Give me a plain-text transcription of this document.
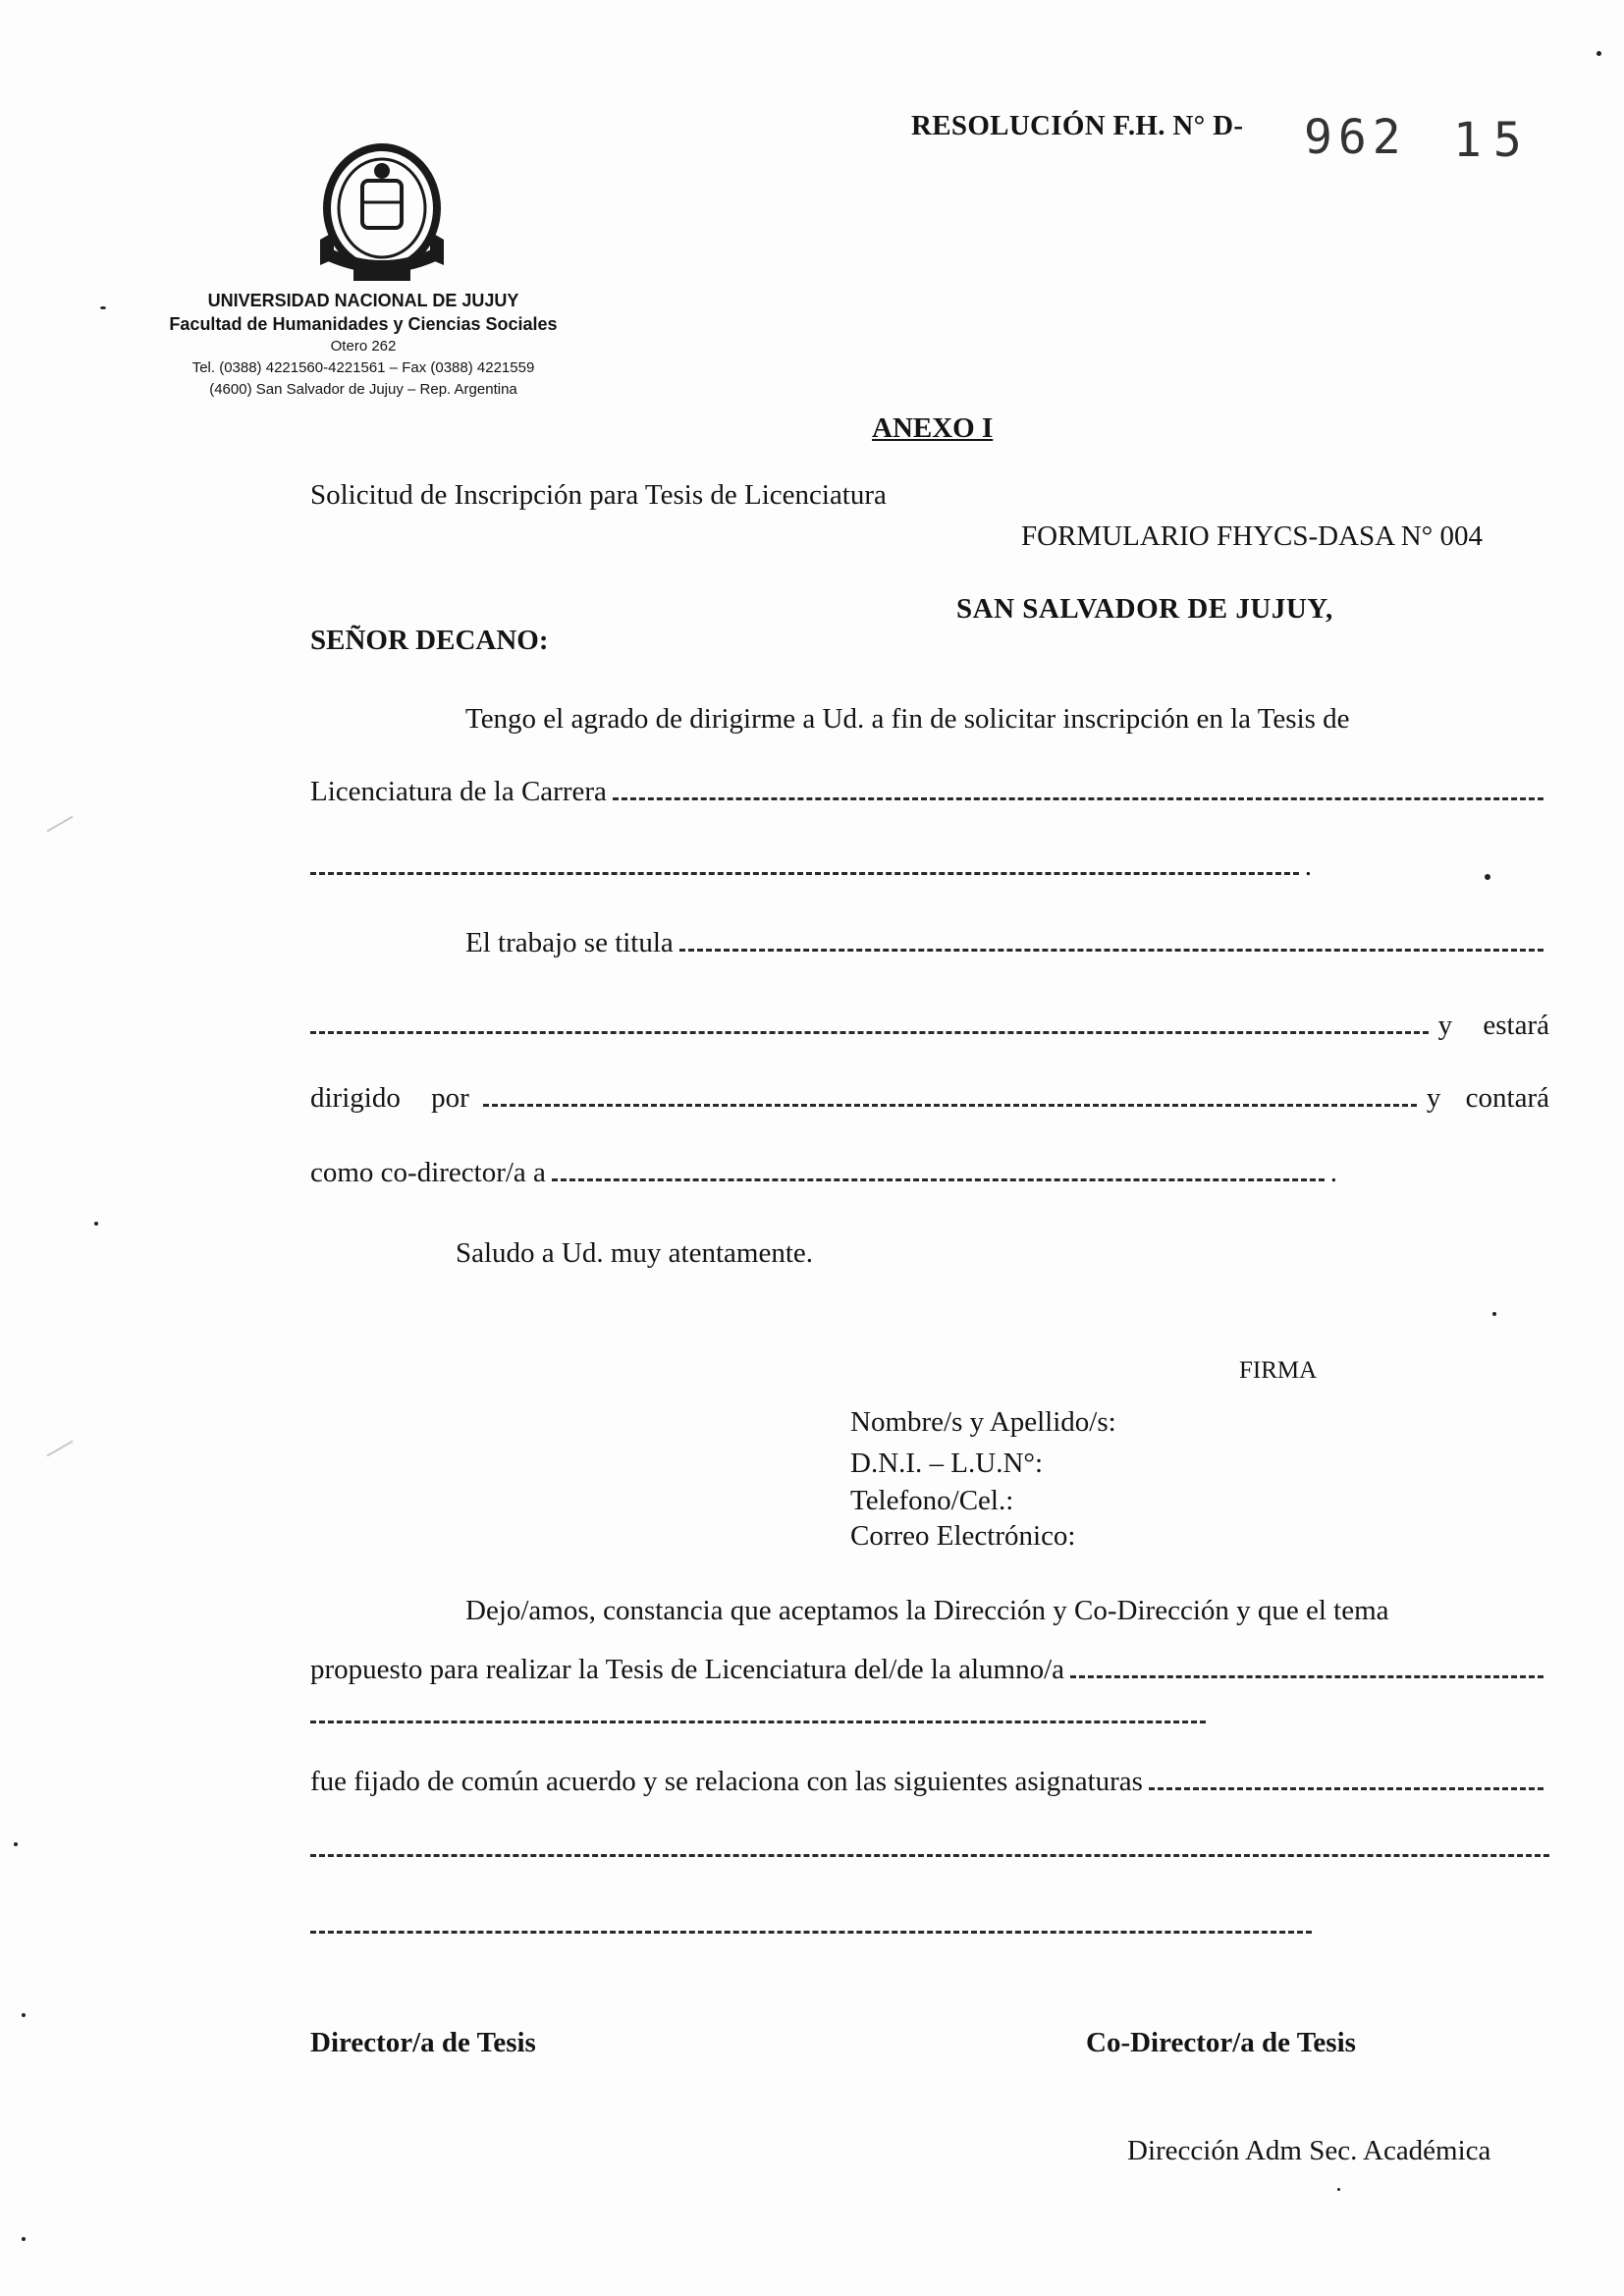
RESOLUCIÓN F.H. N° D- 962 15
UNIVERSIDAD NACIONAL DE JUJUY
Facultad de Humanidades y Ciencias Sociales
Otero 262
Tel. (0388) 4221560-4221561 – Fax (0388) 4221559
(4600) San Salvador de Jujuy – Rep. Argentina
ANEXO I
Solicitud de Inscripción para Tesis de Licenciatura
FORMULARIO FHYCS-DASA N° 004
SAN SALVADOR DE JUJUY,
SEÑOR DECANO:
Tengo el agrado de dirigirme a Ud. a fin de solicitar inscripción en la Tesis de
Licenciatura de la Carrera
.
El trabajo se titula
y estará
dirigido por	y contará
como co-director/a a	.
Saludo a Ud. muy atentamente.
FIRMA
Nombre/s y Apellido/s:
D.N.I. – L.U.N°:
Telefono/Cel.:
Correo Electrónico:
Dejo/amos, constancia que aceptamos la Dirección y Co-Dirección y que el tema
propuesto para realizar la Tesis de Licenciatura del/de la alumno/a
fue fijado de común acuerdo y se relaciona con las siguientes asignaturas
Director/a de Tesis	Co-Director/a de Tesis
Dirección Adm Sec. Académica
